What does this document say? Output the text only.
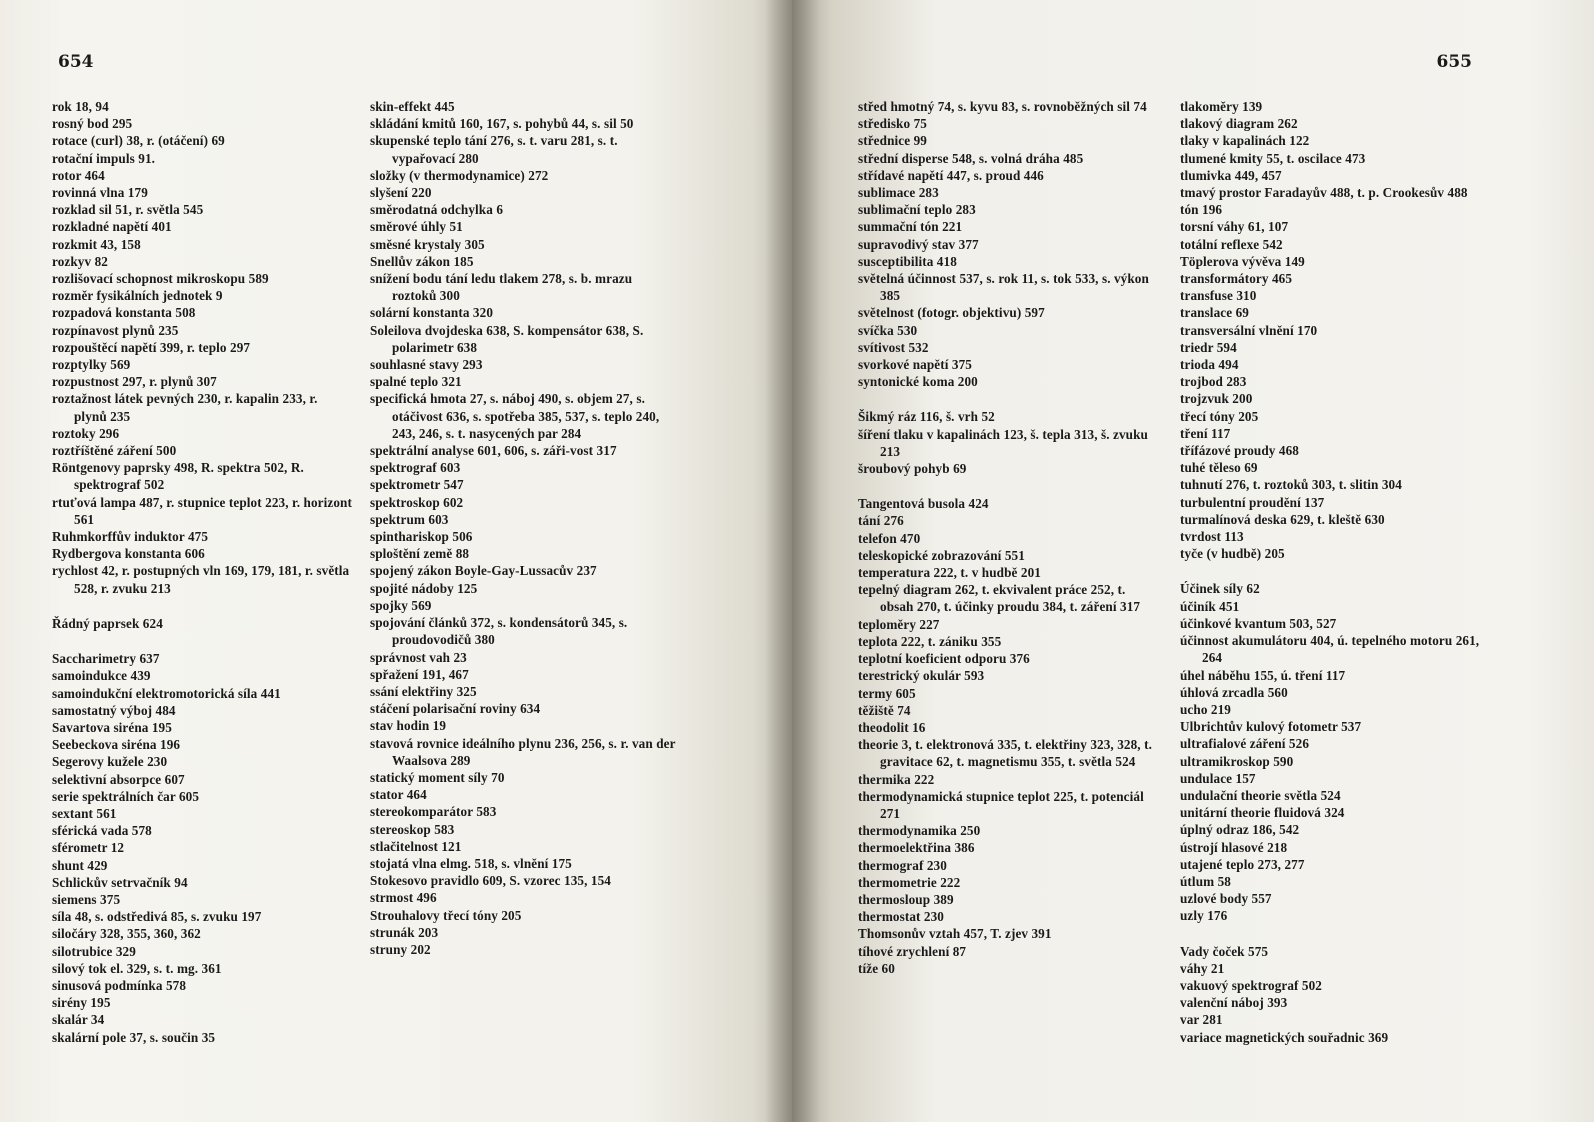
654
rok 18, 94
rosný bod 295
rotace (curl) 38, r. (otáčení) 69
rotační impuls 91.
rotor 464
rovinná vlna 179
rozklad sil 51, r. světla 545
rozkladné napětí 401
rozkmit 43, 158
rozkyv 82
rozlišovací schopnost mikroskopu 589
rozměr fysikálních jednotek 9
rozpadová konstanta 508
rozpínavost plynů 235
rozpouštěcí napětí 399, r. teplo 297
rozptylky 569
rozpustnost 297, r. plynů 307
roztažnost látek pevných 230, r. kapalin 233, r. plynů 235
roztoky 296
roztříštěné záření 500
Röntgenovy paprsky 498, R. spektra 502, R. spektrograf 502
rtuťová lampa 487, r. stupnice teplot 223, r. horizont 561
Ruhmkorffův induktor 475
Rydbergova konstanta 606
rychlost 42, r. postupných vln 169, 179, 181, r. světla 528, r. zvuku 213
Řádný paprsek 624
Saccharimetry 637
samoindukce 439
samoindukční elektromotorická síla 441
samostatný výboj 484
Savartova siréna 195
Seebeckova siréna 196
Segerovy kužele 230
selektivní absorpce 607
serie spektrálních čar 605
sextant 561
sférická vada 578
sférometr 12
shunt 429
Schlickův setrvačník 94
siemens 375
síla 48, s. odstředivá 85, s. zvuku 197
siločáry 328, 355, 360, 362
silotrubice 329
silový tok el. 329, s. t. mg. 361
sinusová podmínka 578
sirény 195
skalár 34
skalární pole 37, s. součin 35
skin-effekt 445
skládání kmitů 160, 167, s. pohybů 44, s. sil 50
skupenské teplo tání 276, s. t. varu 281, s. t. vypařovací 280
složky (v thermodynamice) 272
slyšení 220
směrodatná odchylka 6
směrové úhly 51
směsné krystaly 305
Snellův zákon 185
snížení bodu tání ledu tlakem 278, s. b. mrazu roztoků 300
solární konstanta 320
Soleilova dvojdeska 638, S. kompensátor 638, S. polarimetr 638
souhlasné stavy 293
spalné teplo 321
specifická hmota 27, s. náboj 490, s. objem 27, s. otáčivost 636, s. spotřeba 385, 537, s. teplo 240, 243, 246, s. t. nasycených par 284
spektrální analyse 601, 606, s. záři-vost 317
spektrograf 603
spektrometr 547
spektroskop 602
spektrum 603
spinthariskop 506
sploštění země 88
spojený zákon Boyle-Gay-Lussacův 237
spojité nádoby 125
spojky 569
spojování článků 372, s. kondensátorů 345, s. proudovodičů 380
správnost vah 23
spřažení 191, 467
ssání elektřiny 325
stáčení polarisační roviny 634
stav hodin 19
stavová rovnice ideálního plynu 236, 256, s. r. van der Waalsova 289
statický moment síly 70
stator 464
stereokomparátor 583
stereoskop 583
stlačitelnost 121
stojatá vlna elmg. 518, s. vlnění 175
Stokesovo pravidlo 609, S. vzorec 135, 154
strmost 496
Strouhalovy třecí tóny 205
strunák 203
struny 202
655
střed hmotný 74, s. kyvu 83, s. rovnoběžných sil 74
středisko 75
střednice 99
střední disperse 548, s. volná dráha 485
střídavé napětí 447, s. proud 446
sublimace 283
sublimační teplo 283
summační tón 221
supravodivý stav 377
susceptibilita 418
světelná účinnost 537, s. rok 11, s. tok 533, s. výkon 385
světelnost (fotogr. objektivu) 597
svíčka 530
svítivost 532
svorkové napětí 375
syntonické koma 200
Šikmý ráz 116, š. vrh 52
šíření tlaku v kapalinách 123, š. tepla 313, š. zvuku 213
šroubový pohyb 69
Tangentová busola 424
tání 276
telefon 470
teleskopické zobrazování 551
temperatura 222, t. v hudbě 201
tepelný diagram 262, t. ekvivalent práce 252, t. obsah 270, t. účinky proudu 384, t. záření 317
teploměry 227
teplota 222, t. zániku 355
teplotní koeficient odporu 376
terestrický okulár 593
termy 605
těžiště 74
theodolit 16
theorie 3, t. elektronová 335, t. elektřiny 323, 328, t. gravitace 62, t. magnetismu 355, t. světla 524
thermika 222
thermodynamická stupnice teplot 225, t. potenciál 271
thermodynamika 250
thermoelektřina 386
thermograf 230
thermometrie 222
thermosloup 389
thermostat 230
Thomsonův vztah 457, T. zjev 391
tíhové zrychlení 87
tíže 60
tlakoměry 139
tlakový diagram 262
tlaky v kapalinách 122
tlumené kmity 55, t. oscilace 473
tlumivka 449, 457
tmavý prostor Faradayův 488, t. p. Crookesův 488
tón 196
torsní váhy 61, 107
totální reflexe 542
Töplerova vývěva 149
transformátory 465
transfuse 310
translace 69
transversální vlnění 170
triedr 594
trioda 494
trojbod 283
trojzvuk 200
třecí tóny 205
tření 117
třífázové proudy 468
tuhé těleso 69
tuhnutí 276, t. roztoků 303, t. slitin 304
turbulentní proudění 137
turmalínová deska 629, t. kleště 630
tvrdost 113
tyče (v hudbě) 205
Účinek síly 62
účiník 451
účinkové kvantum 503, 527
účinnost akumulátoru 404, ú. tepelného motoru 261, 264
úhel náběhu 155, ú. tření 117
úhlová zrcadla 560
ucho 219
Ulbrichtův kulový fotometr 537
ultrafialové záření 526
ultramikroskop 590
undulace 157
undulační theorie světla 524
unitární theorie fluidová 324
úplný odraz 186, 542
ústrojí hlasové 218
utajené teplo 273, 277
útlum 58
uzlové body 557
uzly 176
Vady čoček 575
váhy 21
vakuový spektrograf 502
valenční náboj 393
var 281
variace magnetických souřadnic 369
